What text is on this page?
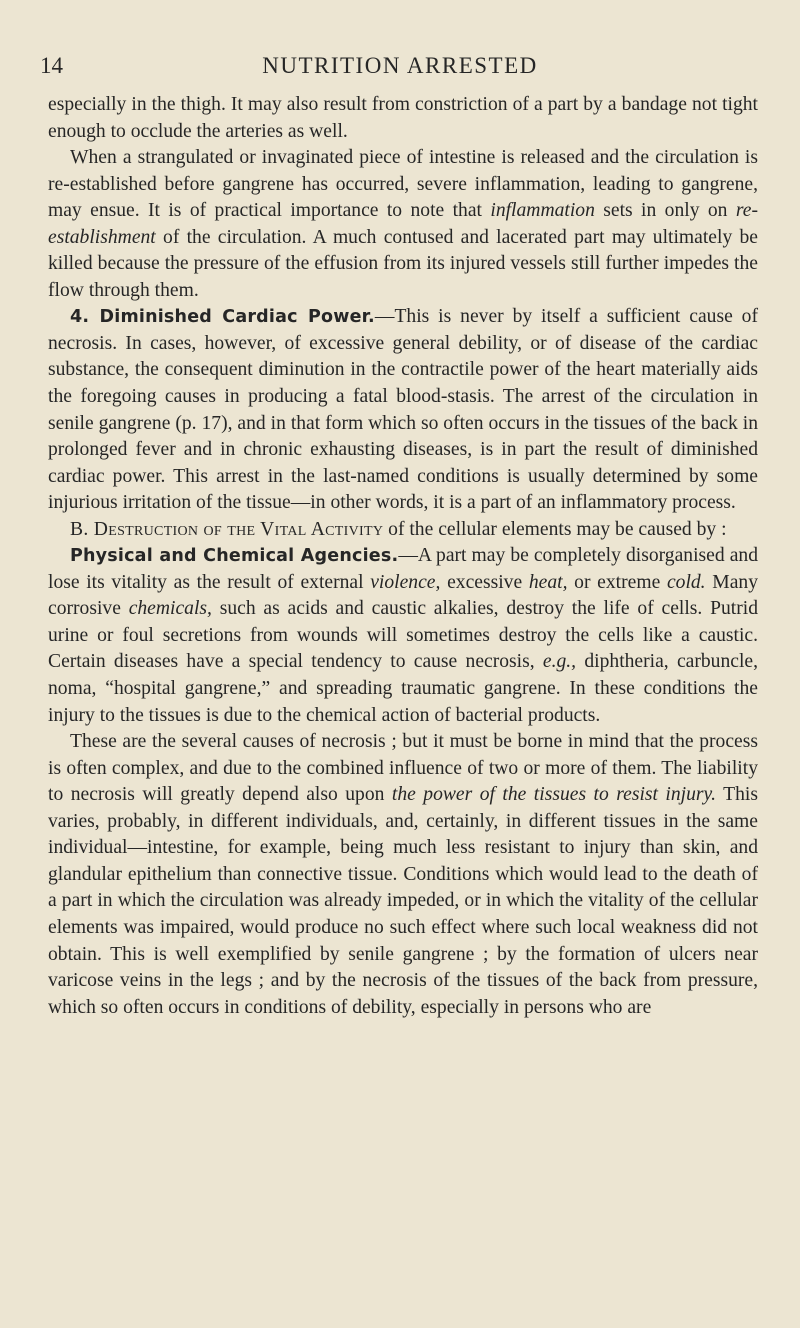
14	NUTRITION ARRESTED

especially in the thigh. It may also result from constriction of a part by a bandage not tight enough to occlude the arteries as well.

When a strangulated or invaginated piece of intestine is released and the circulation is re-established before gangrene has occurred, severe inflammation, leading to gangrene, may ensue. It is of practical importance to note that inflammation sets in only on re-establishment of the circulation. A much contused and lacerated part may ultimately be killed because the pressure of the effusion from its injured vessels still further impedes the flow through them.

4. Diminished Cardiac Power.—This is never by itself a sufficient cause of necrosis. In cases, however, of excessive general debility, or of disease of the cardiac substance, the consequent diminution in the contractile power of the heart materially aids the foregoing causes in producing a fatal blood-stasis. The arrest of the circulation in senile gangrene (p. 17), and in that form which so often occurs in the tissues of the back in prolonged fever and in chronic exhausting diseases, is in part the result of diminished cardiac power. This arrest in the last-named conditions is usually determined by some injurious irritation of the tissue—in other words, it is a part of an inflammatory process.

B. Destruction of the Vital Activity of the cellular elements may be caused by :

Physical and Chemical Agencies.—A part may be completely disorganised and lose its vitality as the result of external violence, excessive heat, or extreme cold. Many corrosive chemicals, such as acids and caustic alkalies, destroy the life of cells. Putrid urine or foul secretions from wounds will sometimes destroy the cells like a caustic. Certain diseases have a special tendency to cause necrosis, e.g., diphtheria, carbuncle, noma, “hospital gangrene,” and spreading traumatic gangrene. In these conditions the injury to the tissues is due to the chemical action of bacterial products.

These are the several causes of necrosis ; but it must be borne in mind that the process is often complex, and due to the combined influence of two or more of them. The liability to necrosis will greatly depend also upon the power of the tissues to resist injury. This varies, probably, in different individuals, and, certainly, in different tissues in the same individual—intestine, for example, being much less resistant to injury than skin, and glandular epithelium than connective tissue. Conditions which would lead to the death of a part in which the circulation was already impeded, or in which the vitality of the cellular elements was impaired, would produce no such effect where such local weakness did not obtain. This is well exemplified by senile gangrene ; by the formation of ulcers near varicose veins in the legs ; and by the necrosis of the tissues of the back from pressure, which so often occurs in conditions of debility, especially in persons who are
